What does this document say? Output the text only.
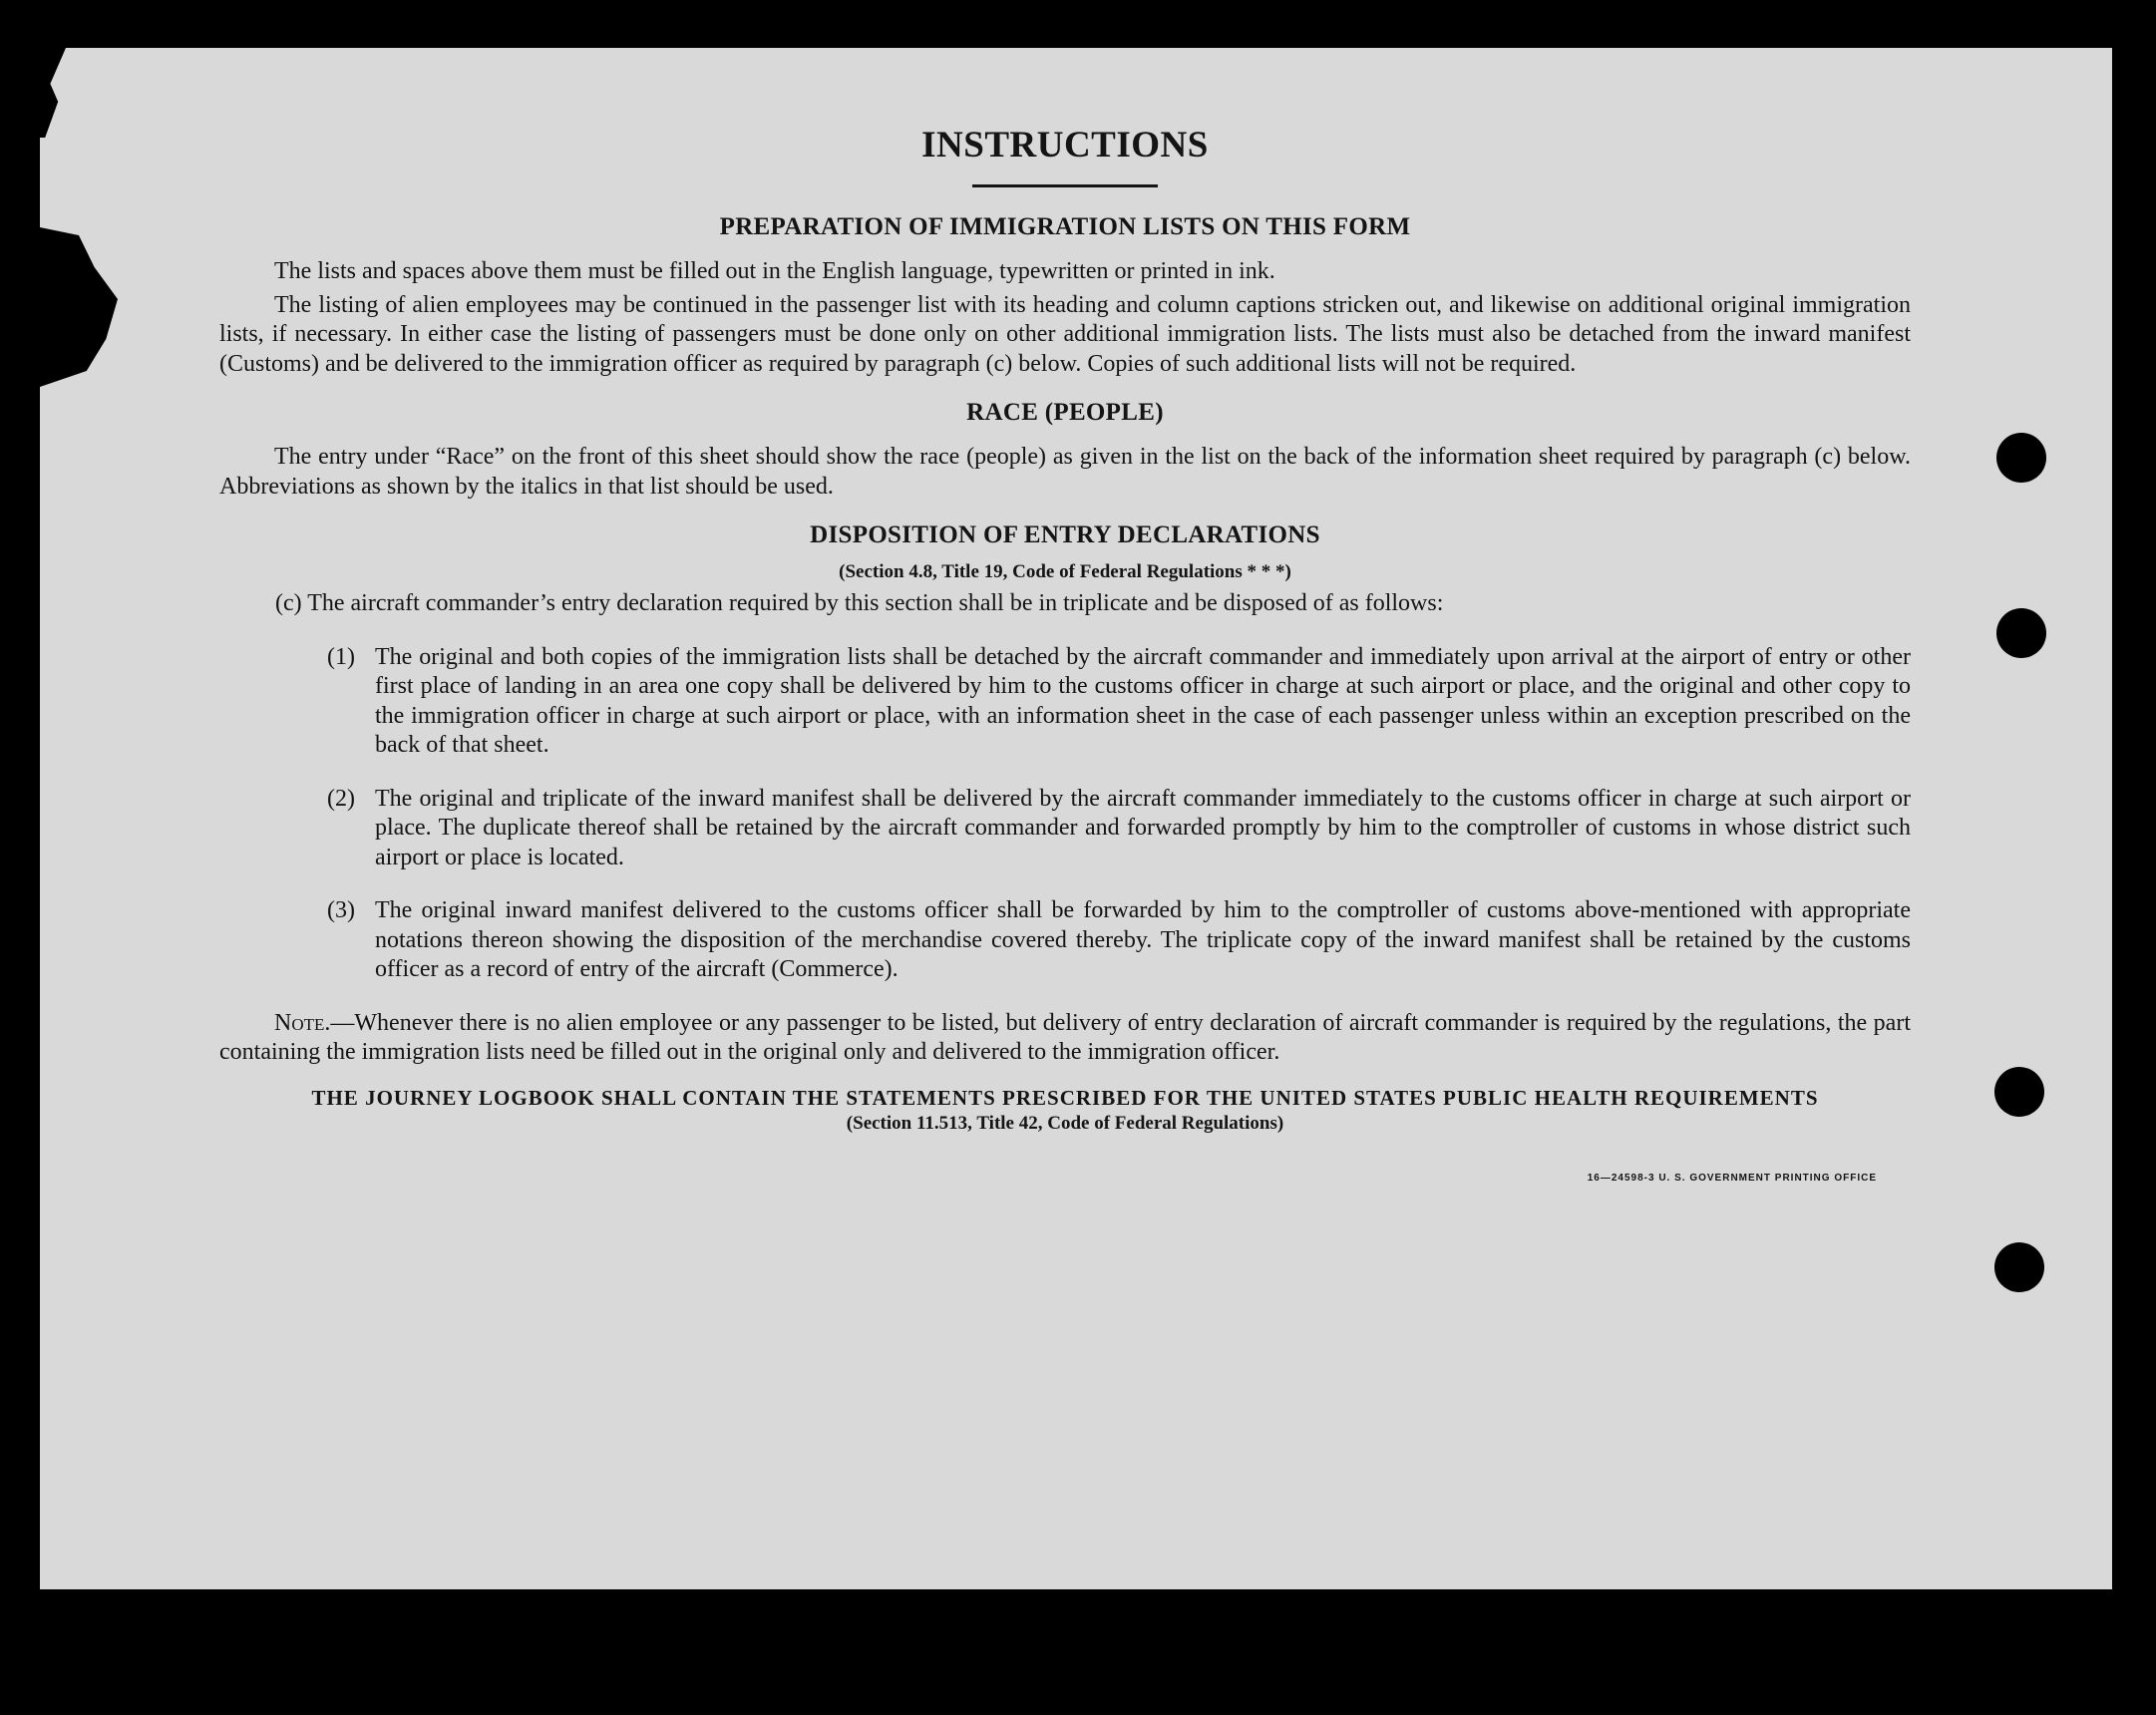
INSTRUCTIONS
PREPARATION OF IMMIGRATION LISTS ON THIS FORM

The lists and spaces above them must be filled out in the English language, typewritten or printed in ink.

The listing of alien employees may be continued in the passenger list with its heading and column captions stricken out, and likewise on additional original immigration lists, if necessary. In either case the listing of passengers must be done only on other additional immigration lists. The lists must also be detached from the inward manifest (Customs) and be delivered to the immigration officer as required by paragraph (c) below. Copies of such additional lists will not be required.

RACE (PEOPLE)

The entry under “Race” on the front of this sheet should show the race (people) as given in the list on the back of the information sheet required by paragraph (c) below. Abbreviations as shown by the italics in that list should be used.

DISPOSITION OF ENTRY DECLARATIONS
(Section 4.8, Title 19, Code of Federal Regulations * * *)

(c) The aircraft commander’s entry declaration required by this section shall be in triplicate and be disposed of as follows:

(1) The original and both copies of the immigration lists shall be detached by the aircraft commander and immediately upon arrival at the airport of entry or other first place of landing in an area one copy shall be delivered by him to the customs officer in charge at such airport or place, and the original and other copy to the immigration officer in charge at such airport or place, with an information sheet in the case of each passenger unless within an exception prescribed on the back of that sheet.
(2) The original and triplicate of the inward manifest shall be delivered by the aircraft commander immediately to the customs officer in charge at such airport or place. The duplicate thereof shall be retained by the aircraft commander and forwarded promptly by him to the comptroller of customs in whose district such airport or place is located.
(3) The original inward manifest delivered to the customs officer shall be forwarded by him to the comptroller of customs above-mentioned with appropriate notations thereon showing the disposition of the merchandise covered thereby. The triplicate copy of the inward manifest shall be retained by the customs officer as a record of entry of the aircraft (Commerce).

Note.—Whenever there is no alien employee or any passenger to be listed, but delivery of entry declaration of aircraft commander is required by the regulations, the part containing the immigration lists need be filled out in the original only and delivered to the immigration officer.

THE JOURNEY LOGBOOK SHALL CONTAIN THE STATEMENTS PRESCRIBED FOR THE UNITED STATES PUBLIC HEALTH REQUIREMENTS
(Section 11.513, Title 42, Code of Federal Regulations)
16—24598-3 U. S. GOVERNMENT PRINTING OFFICE
